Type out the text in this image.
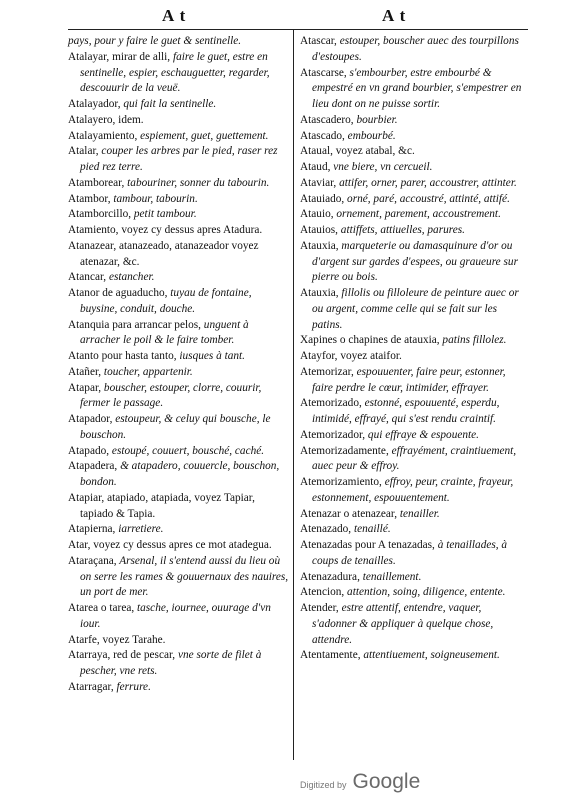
A t	A t

pays, pour y faire le guet & sentinelle.

Atalayar, mirar de alli, faire le guet, estre en sentinelle, espier, eschauguetter, regarder, descouurir de la veuë.

Atalayador, qui fait la sentinelle.

Atalayero, idem.

Atalayamiento, espiement, guet, guettement.

Atalar, couper les arbres par le pied, raser rez pied rez terre.

Atamborear, tabouriner, sonner du tabourin.

Atambor, tambour, tabourin.

Atamborcillo, petit tambour.

Atamiento, voyez cy dessus apres Atadura.

Atanazear, atanazeado, atanazeador voyez atenazar, &c.

Atancar, estancher.

Atanor de aguaducho, tuyau de fontaine, buysine, conduit, douche.

Atanquia para arrancar pelos, unguent à arracher le poil & le faire tomber.

Atanto pour hasta tanto, iusques à tant.

Atañer, toucher, appartenir.

Atapar, bouscher, estouper, clorre, couurir, fermer le passage.

Atapador, estoupeur, & celuy qui bousche, le bouschon.

Atapado, estoupé, couuert, bousché, caché.

Atapadera, & atapadero, couuercle, bouschon, bondon.

Atapiar, atapiado, atapiada, voyez Tapiar, tapiado & Tapia.

Atapierna, iarretiere.

Atar, voyez cy dessus apres ce mot atadegua.

Ataraçana, Arsenal, il s'entend aussi du lieu où on serre les rames & gouuernaux des nauires, un port de mer.

Atarea o tarea, tasche, iournee, ouurage d'vn iour.

Atarfe, voyez Tarahe.

Atarraya, red de pescar, vne sorte de filet à pescher, vne rets.

Atarragar, ferrure.

Atascar, estouper, bouscher auec des tourpillons d'estoupes.

Atascarse, s'embourber, estre embourbé & empestré en vn grand bourbier, s'empestrer en lieu dont on ne puisse sortir.

Atascadero, bourbier.

Atascado, embourbé.

Ataual, voyez atabal, &c.

Ataud, vne biere, vn cercueil.

Ataviar, attifer, orner, parer, accoustrer, attinter.

Atauiado, orné, paré, accoustré, attinté, attifé.

Atauio, ornement, parement, accoustrement.

Atauios, attiffets, attiuelles, parures.

Atauxia, marqueterie ou damasquinure d'or ou d'argent sur gardes d'espees, ou graueure sur pierre ou bois.

Atauxia, fillolis ou filloleure de peinture auec or ou argent, comme celle qui se fait sur les patins.

Xapines o chapines de atauxia, patins fillolez.

Atayfor, voyez ataifor.

Atemorizar, espouuenter, faire peur, estonner, faire perdre le cœur, intimider, effrayer.

Atemorizado, estonné, espouuenté, esperdu, intimidé, effrayé, qui s'est rendu craintif.

Atemorizador, qui effraye & espouente.

Atemorizadamente, effrayément, craintiuement, auec peur & effroy.

Atemorizamiento, effroy, peur, crainte, frayeur, estonnement, espouuentement.

Atenazar o atenazear, tenailler.

Atenazado, tenaillé.

Atenazadas pour A tenazadas, à tenaillades, à coups de tenailles.

Atenazadura, tenaillement.

Atencion, attention, soing, diligence, entente.

Atender, estre attentif, entendre, vaquer, s'adonner & appliquer à quelque chose, attendre.

Atentamente, attentiuement, soigneusement.

Digitized by Google
